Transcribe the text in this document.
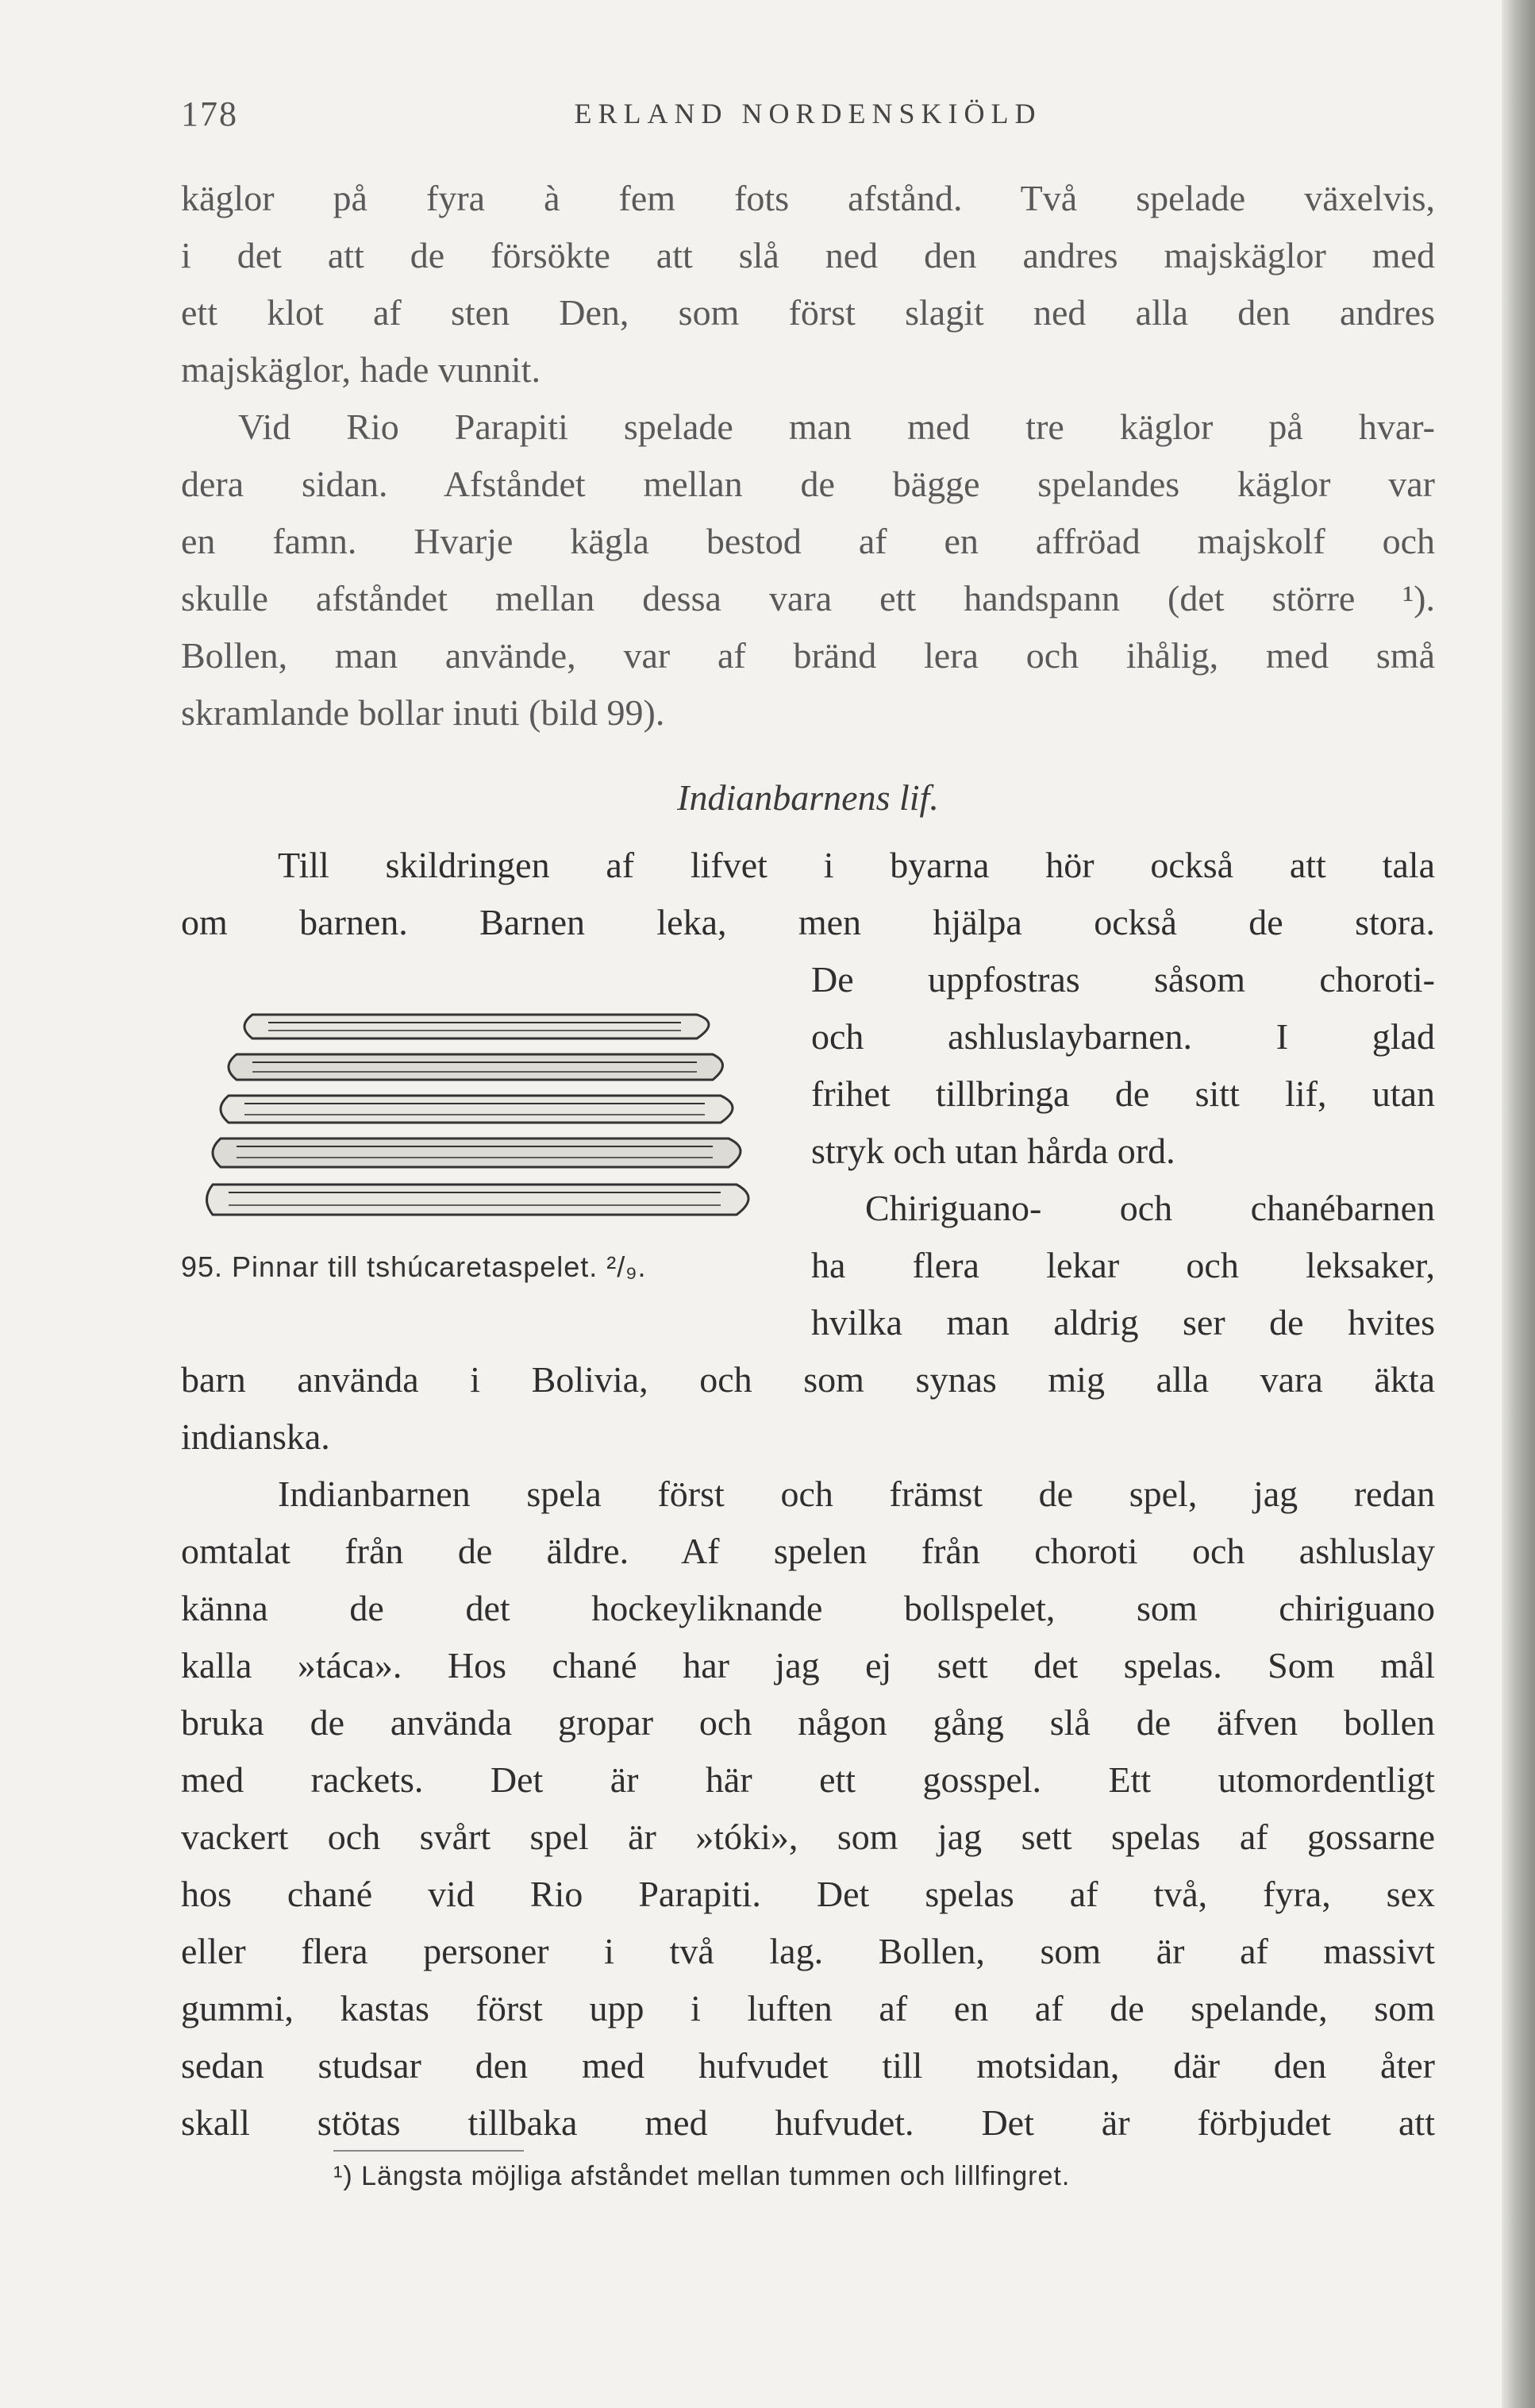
178	ERLAND NORDENSKIÖLD
käglor på fyra à fem fots afstånd. Två spelade växelvis,
i det att de försökte att slå ned den andres majskäglor med
ett klot af sten Den, som först slagit ned alla den andres
majskäglor, hade vunnit.
Vid Rio Parapiti spelade man med tre käglor på hvar-
dera sidan. Afståndet mellan de bägge spelandes käglor var
en famn. Hvarje kägla bestod af en affröad majskolf och
skulle afståndet mellan dessa vara ett handspann (det större ¹).
Bollen, man använde, var af bränd lera och ihålig, med små
skramlande bollar inuti (bild 99).
Indianbarnens lif.
Till skildringen af lifvet i byarna hör också att tala
om barnen. Barnen leka, men hjälpa också de stora.
De uppfostras såsom choroti-
och ashluslaybarnen. I glad
frihet tillbringa de sitt lif, utan
stryk och utan hårda ord.
Chiriguano- och chanébarnen
ha flera lekar och leksaker,
hvilka man aldrig ser de hvites
95. Pinnar till tshúcaretaspelet. ²/₉.
barn använda i Bolivia, och som synas mig alla vara äkta
indianska.
Indianbarnen spela först och främst de spel, jag redan
omtalat från de äldre. Af spelen från choroti och ashluslay
känna de det hockeyliknande bollspelet, som chiriguano
kalla »táca». Hos chané har jag ej sett det spelas. Som mål
bruka de använda gropar och någon gång slå de äfven bollen
med rackets. Det är här ett gosspel. Ett utomordentligt
vackert och svårt spel är »tóki», som jag sett spelas af gossarne
hos chané vid Rio Parapiti. Det spelas af två, fyra, sex
eller flera personer i två lag. Bollen, som är af massivt
gummi, kastas först upp i luften af en af de spelande, som
sedan studsar den med hufvudet till motsidan, där den åter
skall stötas tillbaka med hufvudet. Det är förbjudet att
¹) Längsta möjliga afståndet mellan tummen och lillfingret.
